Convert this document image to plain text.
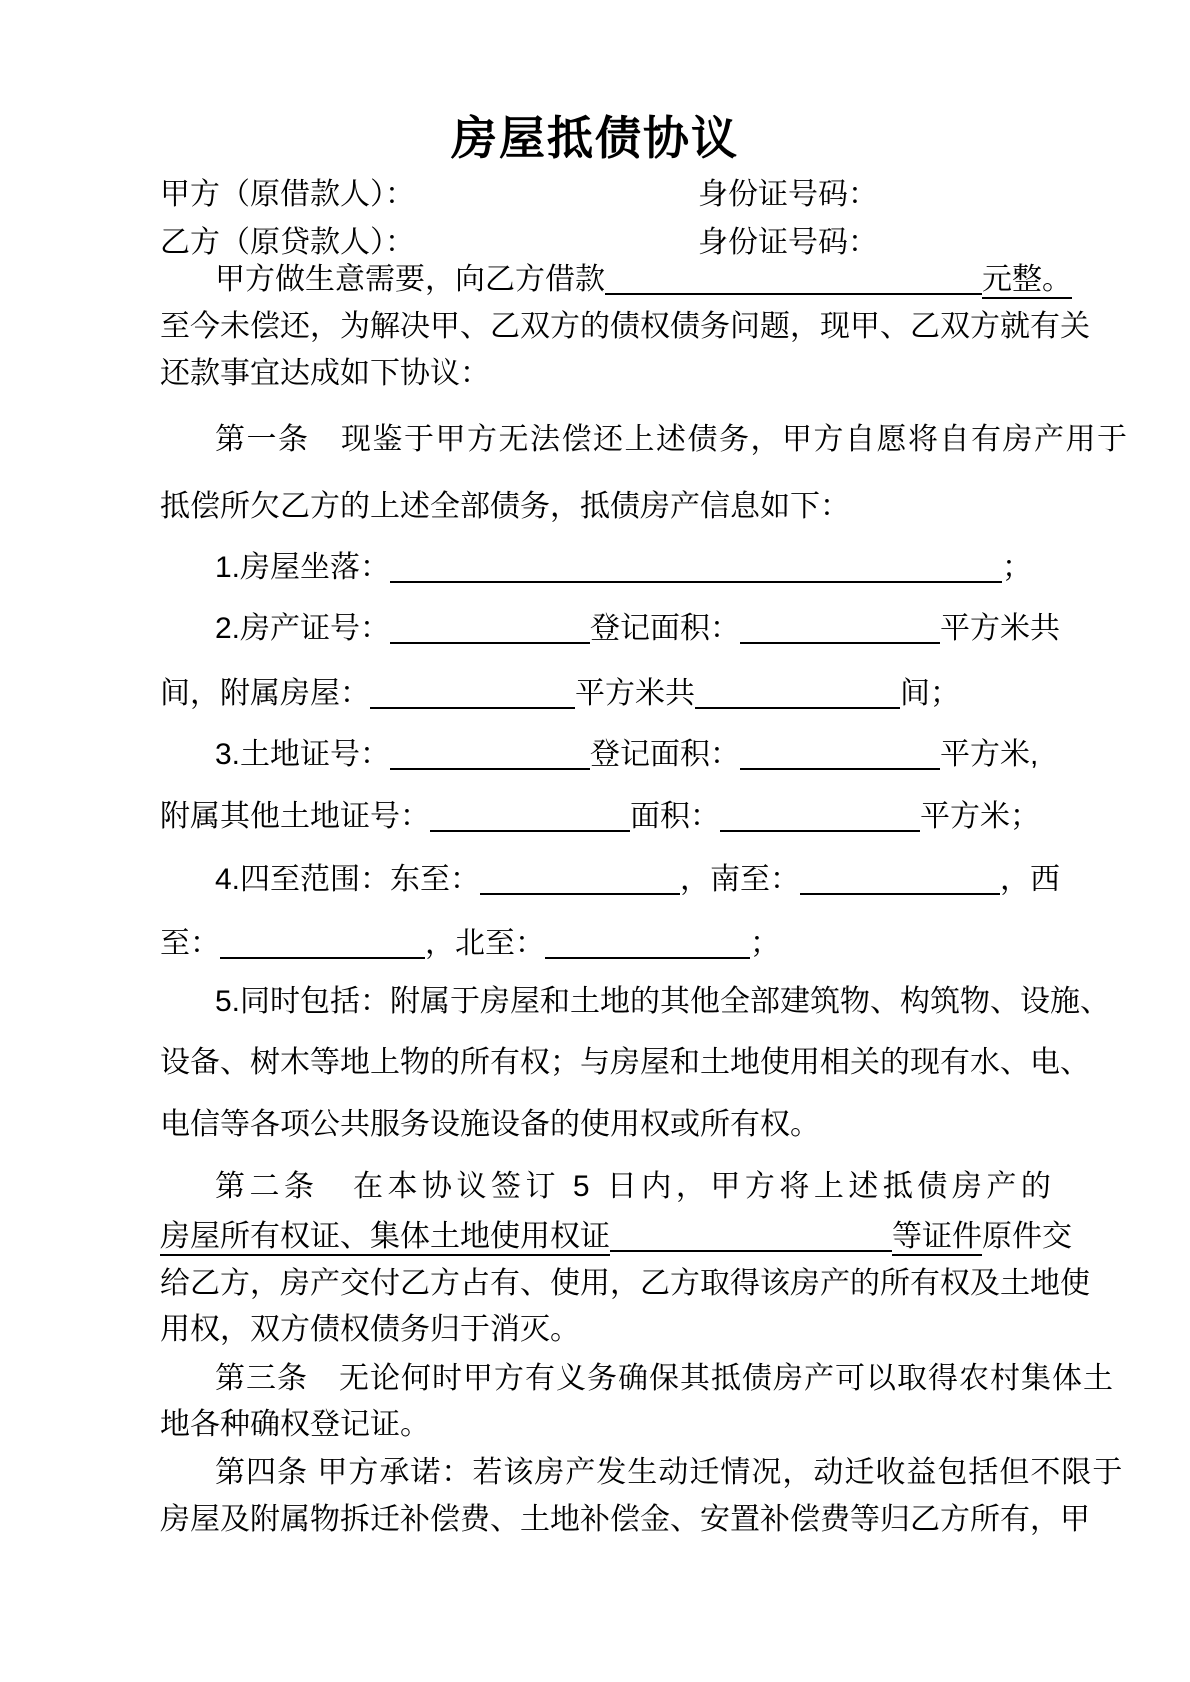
房屋抵债协议
甲方（原借款人）：	身份证号码：
乙方（原贷款人）：	身份证号码：
甲方做生意需要，向乙方借款	元整。
至今未偿还，为解决甲、乙双方的债权债务问题，现甲、乙双方就有关
还款事宜达成如下协议：
第一条　现鉴于甲方无法偿还上述债务，甲方自愿将自有房产用于
抵偿所欠乙方的上述全部债务，抵债房产信息如下：
1.房屋坐落：	；
2.房产证号：	登记面积：	平方米共
间，附属房屋：	平方米共	间；
3.土地证号：	登记面积：	平方米,
附属其他土地证号：	面积：	平方米；
4.四至范围：东至：	，南至：	，西
至：	，北至：	；
5.同时包括：附属于房屋和土地的其他全部建筑物、构筑物、设施、
设备、树木等地上物的所有权；与房屋和土地使用相关的现有水、电、
电信等各项公共服务设施设备的使用权或所有权。
第二条　在本协议签订 5 日内，甲方将上述抵债房产的
房屋所有权证、集体土地使用权证	等证件 原件交
给乙方，房产交付乙方占有、使用，乙方取得该房产的所有权及土地使
用权，双方债权债务归于消灭。
第三条　无论何时甲方有义务确保其抵债房产可以取得农村集体土
地各种确权登记证。
第四条 甲方承诺：若该房产发生动迁情况，动迁收益包括但不限于
房屋及附属物拆迁补偿费、土地补偿金、安置补偿费等归乙方所有，甲
